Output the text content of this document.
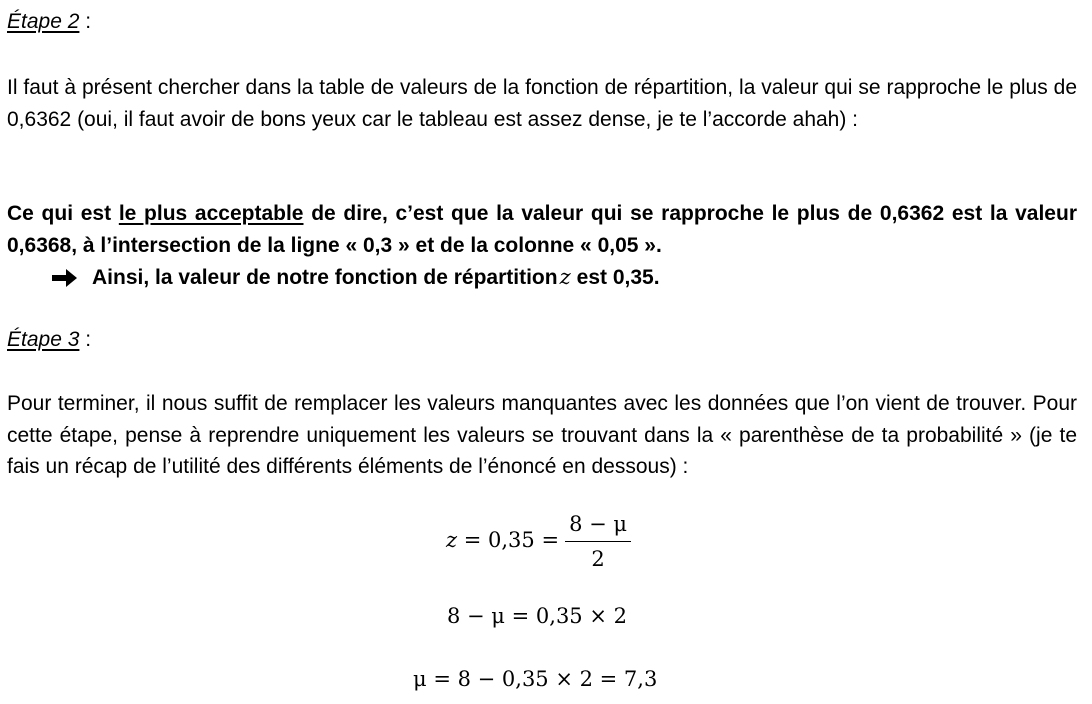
Étape 2 :

Il faut à présent chercher dans la table de valeurs de la fonction de répartition, la valeur qui se rapproche le plus de 0,6362 (oui, il faut avoir de bons yeux car le tableau est assez dense, je te l’accorde ahah) :

Ce qui est le plus acceptable de dire, c’est que la valeur qui se rapproche le plus de 0,6362 est la valeur 0,6368, à l’intersection de la ligne « 0,3 » et de la colonne « 0,05 ».

Ainsi, la valeur de notre fonction de répartition z est 0,35.
Étape 3 :

Pour terminer, il nous suffit de remplacer les valeurs manquantes avec les données que l’on vient de trouver. Pour cette étape, pense à reprendre uniquement les valeurs se trouvant dans la « parenthèse de ta probabilité » (je te fais un récap de l’utilité des différents éléments de l’énoncé en dessous) :

$z = 0,35 = \frac{8 - \mu}{2}$
8 − μ = 0,35 × 2
μ = 8 − 0,35 × 2 = 7,3
